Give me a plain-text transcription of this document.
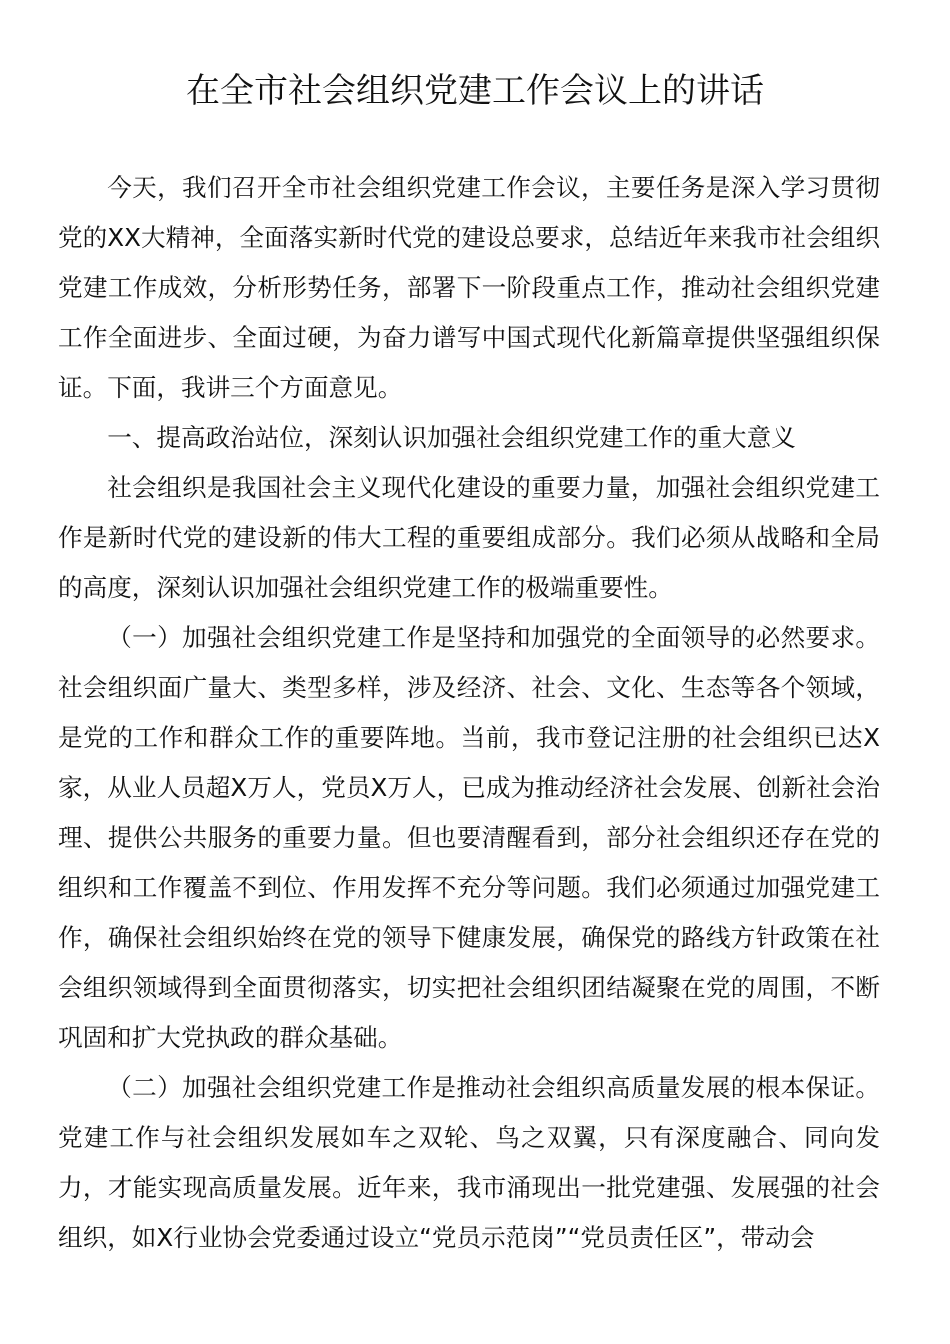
在全市社会组织党建工作会议上的讲话

今天，我们召开全市社会组织党建工作会议，主要任务是深入学习贯彻党的XX大精神，全面落实新时代党的建设总要求，总结近年来我市社会组织党建工作成效，分析形势任务，部署下一阶段重点工作，推动社会组织党建工作全面进步、全面过硬，为奋力谱写中国式现代化新篇章提供坚强组织保证。下面，我讲三个方面意见。

一、提高政治站位，深刻认识加强社会组织党建工作的重大意义

社会组织是我国社会主义现代化建设的重要力量，加强社会组织党建工作是新时代党的建设新的伟大工程的重要组成部分。我们必须从战略和全局的高度，深刻认识加强社会组织党建工作的极端重要性。

（一）加强社会组织党建工作是坚持和加强党的全面领导的必然要求。社会组织面广量大、类型多样，涉及经济、社会、文化、生态等各个领域，是党的工作和群众工作的重要阵地。当前，我市登记注册的社会组织已达X家，从业人员超X万人，党员X万人，已成为推动经济社会发展、创新社会治理、提供公共服务的重要力量。但也要清醒看到，部分社会组织还存在党的组织和工作覆盖不到位、作用发挥不充分等问题。我们必须通过加强党建工作，确保社会组织始终在党的领导下健康发展，确保党的路线方针政策在社会组织领域得到全面贯彻落实，切实把社会组织团结凝聚在党的周围，不断巩固和扩大党执政的群众基础。

（二）加强社会组织党建工作是推动社会组织高质量发展的根本保证。党建工作与社会组织发展如车之双轮、鸟之双翼，只有深度融合、同向发力，才能实现高质量发展。近年来，我市涌现出一批党建强、发展强的社会组织，如X行业协会党委通过设立“党员示范岗”“党员责任区”，带动会
